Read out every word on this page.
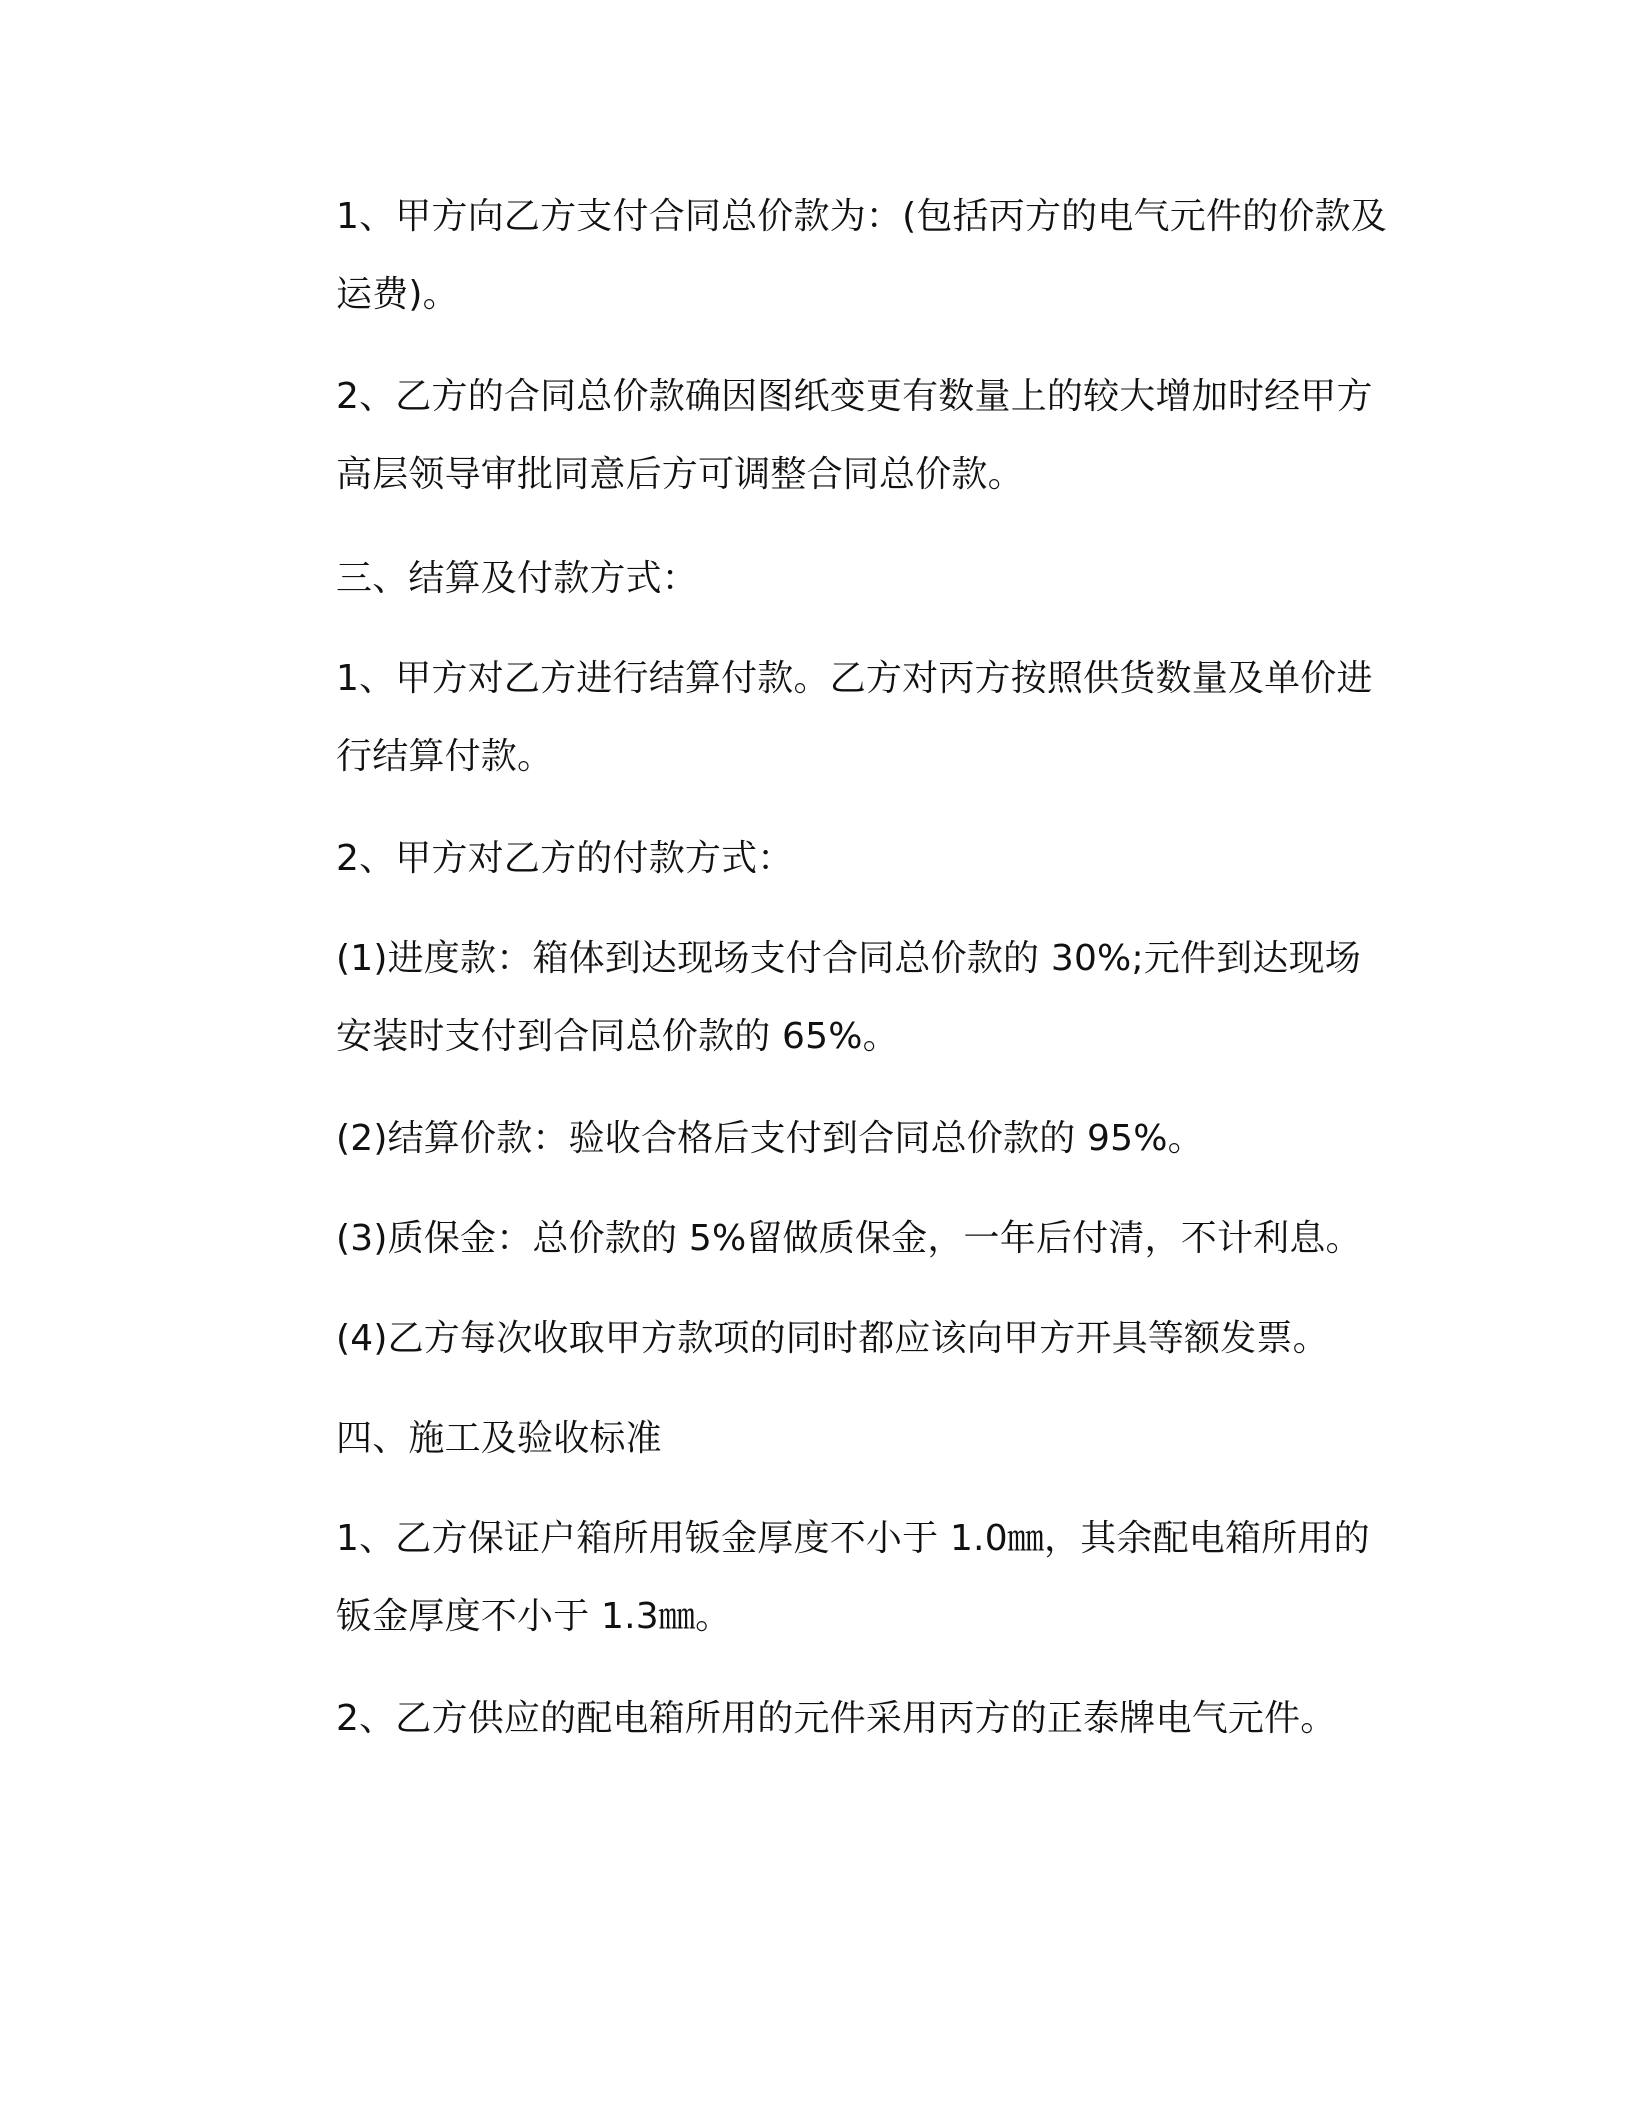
1、甲方向乙方支付合同总价款为：(包括丙方的电气元件的价款及运费)。

2、乙方的合同总价款确因图纸变更有数量上的较大增加时经甲方高层领导审批同意后方可调整合同总价款。

三、结算及付款方式：

1、甲方对乙方进行结算付款。乙方对丙方按照供货数量及单价进行结算付款。

2、甲方对乙方的付款方式：

(1)进度款：箱体到达现场支付合同总价款的 30%;元件到达现场安装时支付到合同总价款的 65%。

(2)结算价款：验收合格后支付到合同总价款的 95%。

(3)质保金：总价款的 5%留做质保金，一年后付清，不计利息。

(4)乙方每次收取甲方款项的同时都应该向甲方开具等额发票。

四、施工及验收标准

1、乙方保证户箱所用钣金厚度不小于 1.0㎜，其余配电箱所用的钣金厚度不小于 1.3㎜。

2、乙方供应的配电箱所用的元件采用丙方的正泰牌电气元件。
